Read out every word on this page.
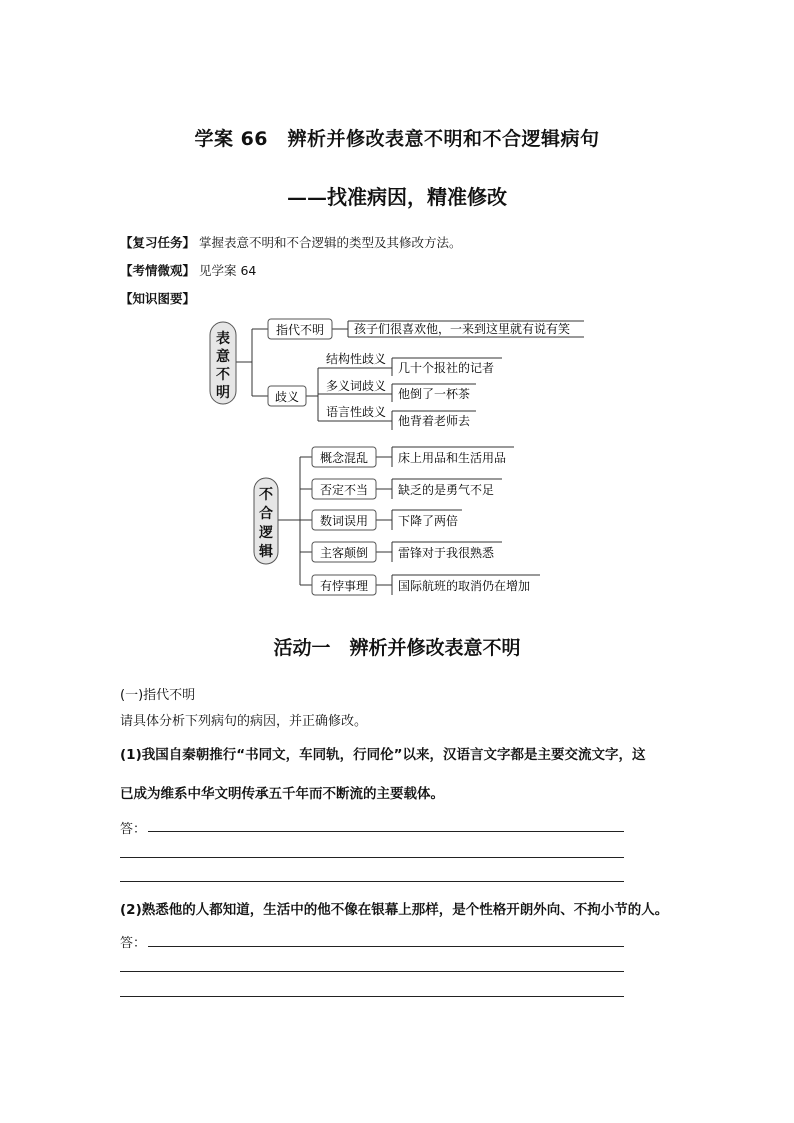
学案 66　辨析并修改表意不明和不合逻辑病句
——找准病因，精准修改
【复习任务】 掌握表意不明和不合逻辑的类型及其修改方法。
【考情微观】 见学案 64
【知识图要】
表
意
不
明
指代不明 孩子们很喜欢他，一来到这里就有说有笑
歧义
结构性歧义
多义词歧义
语言性歧义
几十个报社的记者
他倒了一杯茶
他背着老师去
不
合
逻
辑
概念混乱 床上用品和生活用品
否定不当 缺乏的是勇气不足
数词误用 下降了两倍
主客颠倒 雷锋对于我很熟悉
有悖事理 国际航班的取消仍在增加
活动一　辨析并修改表意不明
(一)指代不明
请具体分析下列病句的病因，并正确修改。
(1)我国自秦朝推行“书同文，车同轨，行同伦”以来，汉语言文字都是主要交流文字，这
已成为维系中华文明传承五千年而不断流的主要载体。
答：
(2)熟悉他的人都知道，生活中的他不像在银幕上那样，是个性格开朗外向、不拘小节的人。
答：
